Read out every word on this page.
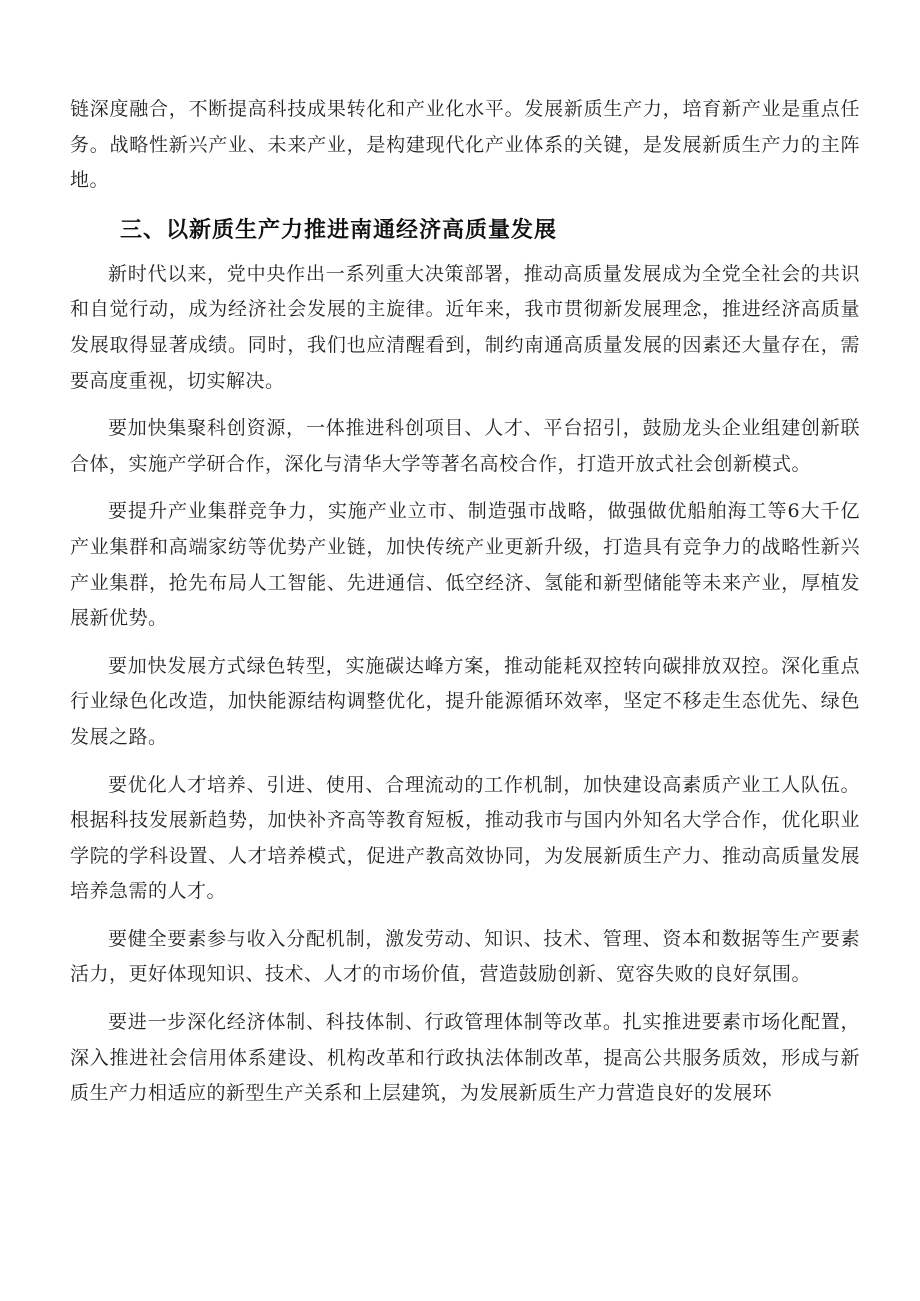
链深度融合，不断提高科技成果转化和产业化水平。发展新质生产力，培育新产业是重点任务。战略性新兴产业、未来产业，是构建现代化产业体系的关键，是发展新质生产力的主阵地。

三、以新质生产力推进南通经济高质量发展

新时代以来，党中央作出一系列重大决策部署，推动高质量发展成为全党全社会的共识和自觉行动，成为经济社会发展的主旋律。近年来，我市贯彻新发展理念，推进经济高质量发展取得显著成绩。同时，我们也应清醒看到，制约南通高质量发展的因素还大量存在，需要高度重视，切实解决。

要加快集聚科创资源，一体推进科创项目、人才、平台招引，鼓励龙头企业组建创新联合体，实施产学研合作，深化与清华大学等著名高校合作，打造开放式社会创新模式。

要提升产业集群竞争力，实施产业立市、制造强市战略，做强做优船舶海工等6大千亿产业集群和高端家纺等优势产业链，加快传统产业更新升级，打造具有竞争力的战略性新兴产业集群，抢先布局人工智能、先进通信、低空经济、氢能和新型储能等未来产业，厚植发展新优势。

要加快发展方式绿色转型，实施碳达峰方案，推动能耗双控转向碳排放双控。深化重点行业绿色化改造，加快能源结构调整优化，提升能源循环效率，坚定不移走生态优先、绿色发展之路。

要优化人才培养、引进、使用、合理流动的工作机制，加快建设高素质产业工人队伍。根据科技发展新趋势，加快补齐高等教育短板，推动我市与国内外知名大学合作，优化职业学院的学科设置、人才培养模式，促进产教高效协同，为发展新质生产力、推动高质量发展培养急需的人才。

要健全要素参与收入分配机制，激发劳动、知识、技术、管理、资本和数据等生产要素活力，更好体现知识、技术、人才的市场价值，营造鼓励创新、宽容失败的良好氛围。

要进一步深化经济体制、科技体制、行政管理体制等改革。扎实推进要素市场化配置，深入推进社会信用体系建设、机构改革和行政执法体制改革，提高公共服务质效，形成与新质生产力相适应的新型生产关系和上层建筑，为发展新质生产力营造良好的发展环
